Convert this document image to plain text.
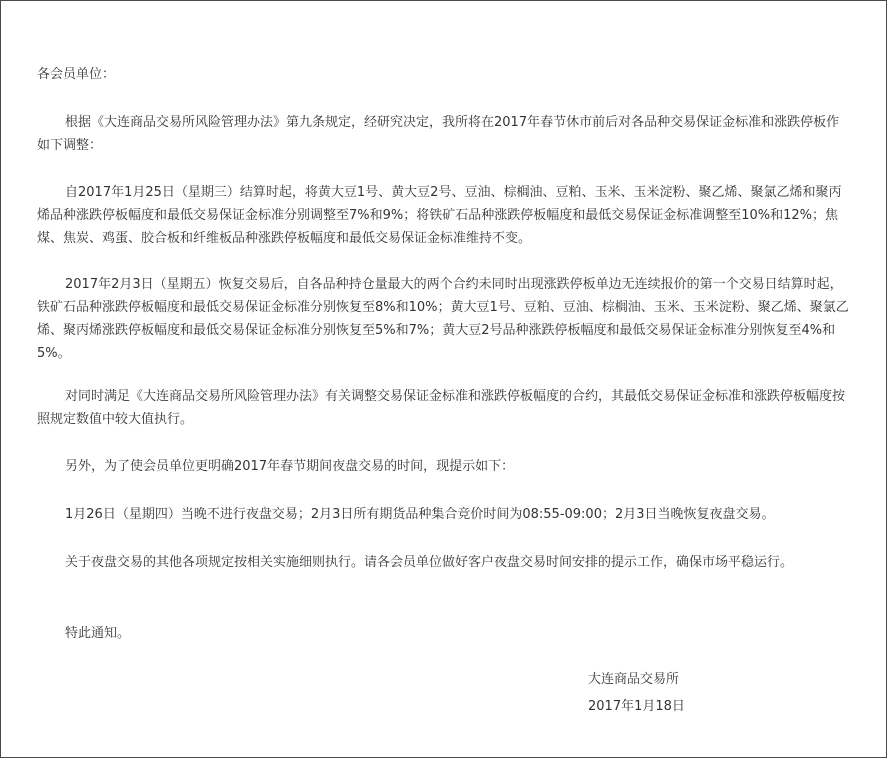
各会员单位：

根据《大连商品交易所风险管理办法》第九条规定，经研究决定，我所将在2017年春节休市前后对各品种交易保证金标准和涨跌停板作如下调整：

自2017年1月25日（星期三）结算时起，将黄大豆1号、黄大豆2号、豆油、棕榈油、豆粕、玉米、玉米淀粉、聚乙烯、聚氯乙烯和聚丙烯品种涨跌停板幅度和最低交易保证金标准分别调整至7%和9%；将铁矿石品种涨跌停板幅度和最低交易保证金标准调整至10%和12%；焦煤、焦炭、鸡蛋、胶合板和纤维板品种涨跌停板幅度和最低交易保证金标准维持不变。

2017年2月3日（星期五）恢复交易后，自各品种持仓量最大的两个合约未同时出现涨跌停板单边无连续报价的第一个交易日结算时起，铁矿石品种涨跌停板幅度和最低交易保证金标准分别恢复至8%和10%；黄大豆1号、豆粕、豆油、棕榈油、玉米、玉米淀粉、聚乙烯、聚氯乙烯、聚丙烯涨跌停板幅度和最低交易保证金标准分别恢复至5%和7%；黄大豆2号品种涨跌停板幅度和最低交易保证金标准分别恢复至4%和5%。

对同时满足《大连商品交易所风险管理办法》有关调整交易保证金标准和涨跌停板幅度的合约，其最低交易保证金标准和涨跌停板幅度按照规定数值中较大值执行。

另外，为了使会员单位更明确2017年春节期间夜盘交易的时间，现提示如下：

1月26日（星期四）当晚不进行夜盘交易；2月3日所有期货品种集合竞价时间为08:55-09:00；2月3日当晚恢复夜盘交易。

关于夜盘交易的其他各项规定按相关实施细则执行。请各会员单位做好客户夜盘交易时间安排的提示工作，确保市场平稳运行。

特此通知。

大连商品交易所

2017年1月18日
